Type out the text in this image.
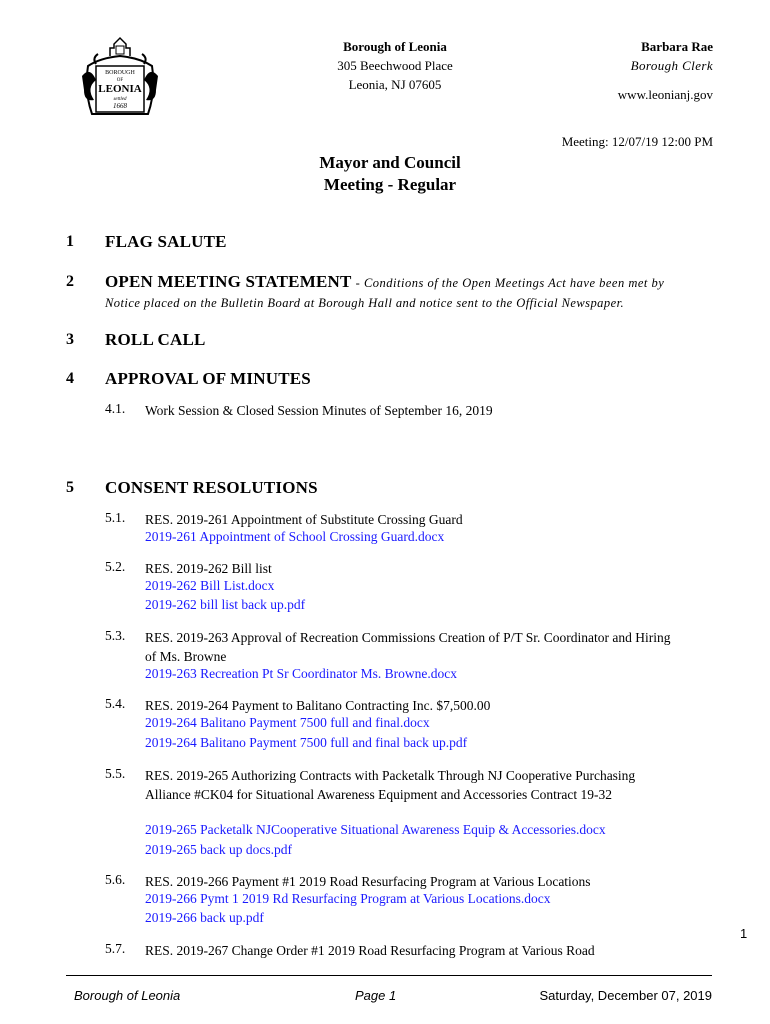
BOROUGH
OF
LEONIA
settled
1668
Borough of Leonia
305 Beechwood Place
Leonia, NJ 07605
Barbara Rae
Borough Clerk
www.leonianj.gov
Meeting: 12/07/19 12:00 PM
Mayor and Council
Meeting - Regular
1 FLAG SALUTE
2 OPEN MEETING STATEMENT - Conditions of the Open Meetings Act have been met by
Notice placed on the Bulletin Board at Borough Hall and notice sent to the Official Newspaper.
3 ROLL CALL
4 APPROVAL OF MINUTES
4.1. Work Session & Closed Session Minutes of September 16, 2019
5 CONSENT RESOLUTIONS
5.1. RES. 2019-261 Appointment of Substitute Crossing Guard
2019-261 Appointment of School Crossing Guard.docx
5.2. RES. 2019-262 Bill list
2019-262 Bill List.docx
2019-262 bill list back up.pdf
5.3. RES. 2019-263 Approval of Recreation Commissions Creation of P/T Sr. Coordinator and Hiring
of Ms. Browne
2019-263 Recreation Pt Sr Coordinator Ms. Browne.docx
5.4. RES. 2019-264 Payment to Balitano Contracting Inc. $7,500.00
2019-264 Balitano Payment 7500 full and final.docx
2019-264 Balitano Payment 7500 full and final back up.pdf
5.5. RES. 2019-265 Authorizing Contracts with Packetalk Through NJ Cooperative Purchasing
Alliance #CK04 for Situational Awareness Equipment and Accessories Contract 19-32
2019-265 Packetalk NJCooperative Situational Awareness Equip & Accessories.docx
2019-265 back up docs.pdf
5.6. RES. 2019-266 Payment #1 2019 Road Resurfacing Program at Various Locations
2019-266 Pymt 1 2019 Rd Resurfacing Program at Various Locations.docx
2019-266 back up.pdf
5.7. RES. 2019-267 Change Order #1 2019 Road Resurfacing Program at Various Road
1
Borough of Leonia	Page 1	Saturday, December 07, 2019
